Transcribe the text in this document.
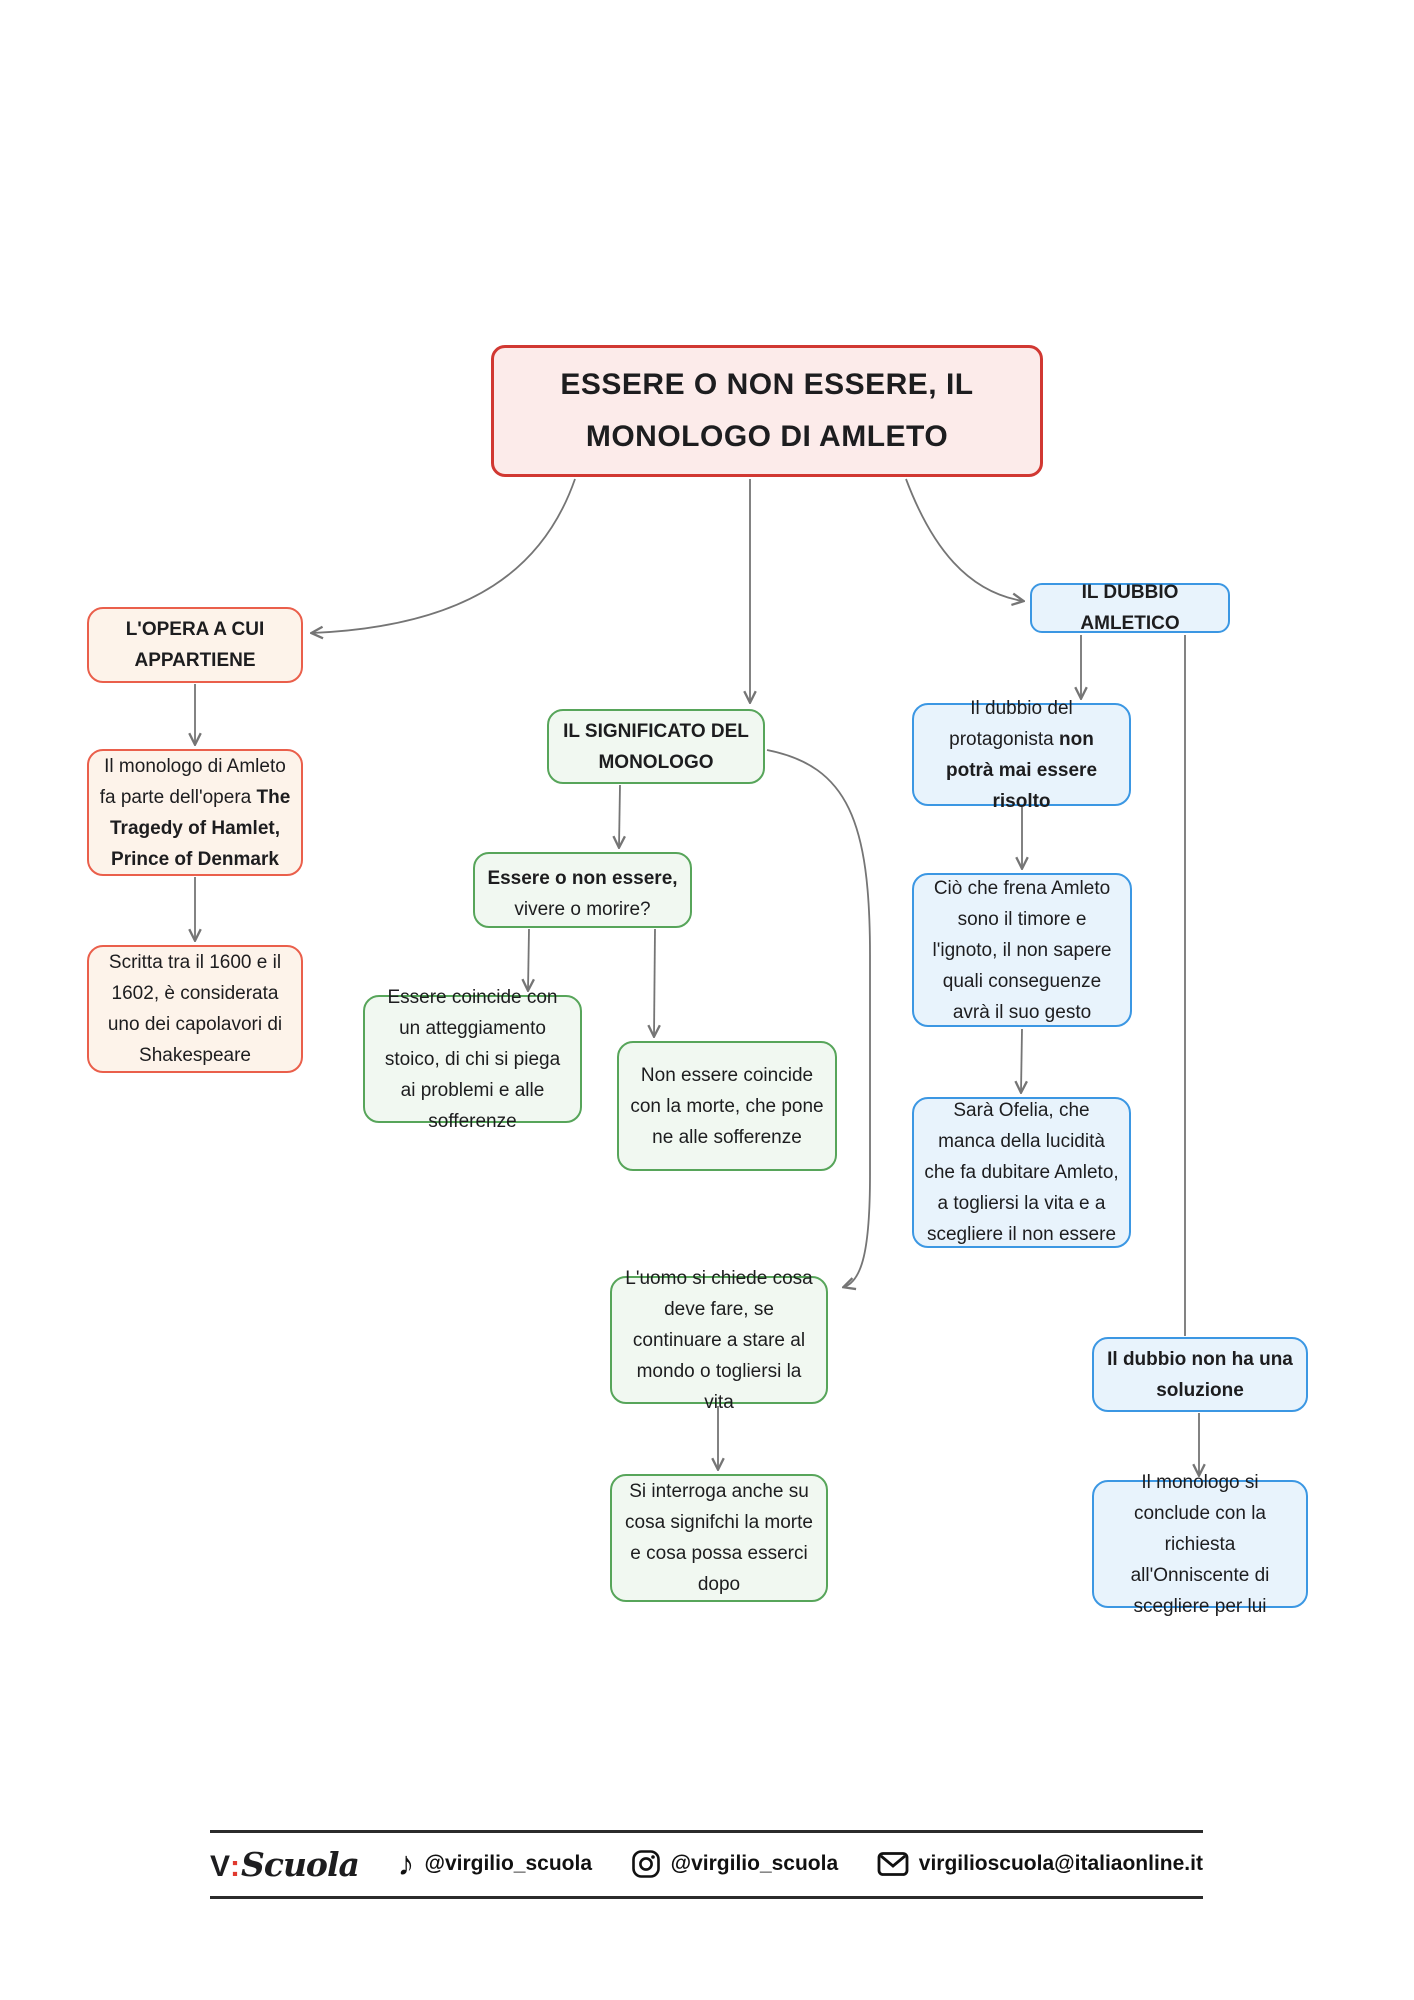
ESSERE O NON ESSERE, IL MONOLOGO DI AMLETO
L'OPERA A CUI APPARTIENE
Il monologo di Amleto fa parte dell'opera The Tragedy of Hamlet, Prince of Denmark
Scritta tra il 1600 e il 1602, è considerata uno dei capolavori di Shakespeare
IL SIGNIFICATO DEL MONOLOGO
Essere o non essere, vivere o morire?
Essere coincide con un atteggiamento stoico, di chi si piega ai problemi e alle sofferenze
Non essere coincide con la morte, che pone ne alle sofferenze
L'uomo si chiede cosa deve fare, se continuare a stare al mondo o togliersi la vita
Si interroga anche su cosa signifchi la morte e cosa possa esserci dopo
IL DUBBIO AMLETICO
Il dubbio del protagonista non potrà mai essere risolto
Ciò che frena Amleto sono il timore e l'ignoto, il non sapere quali conseguenze avrà il suo gesto
Sarà Ofelia, che manca della lucidità che fa dubitare Amleto, a togliersi la vita e a scegliere il non essere
Il dubbio non ha una soluzione
Il monologo si conclude con la richiesta all'Onniscente di scegliere per lui
V : Scuola ♪ @virgilio_scuola	@virgilio_scuola	virgilioscuola@italiaonline.it
